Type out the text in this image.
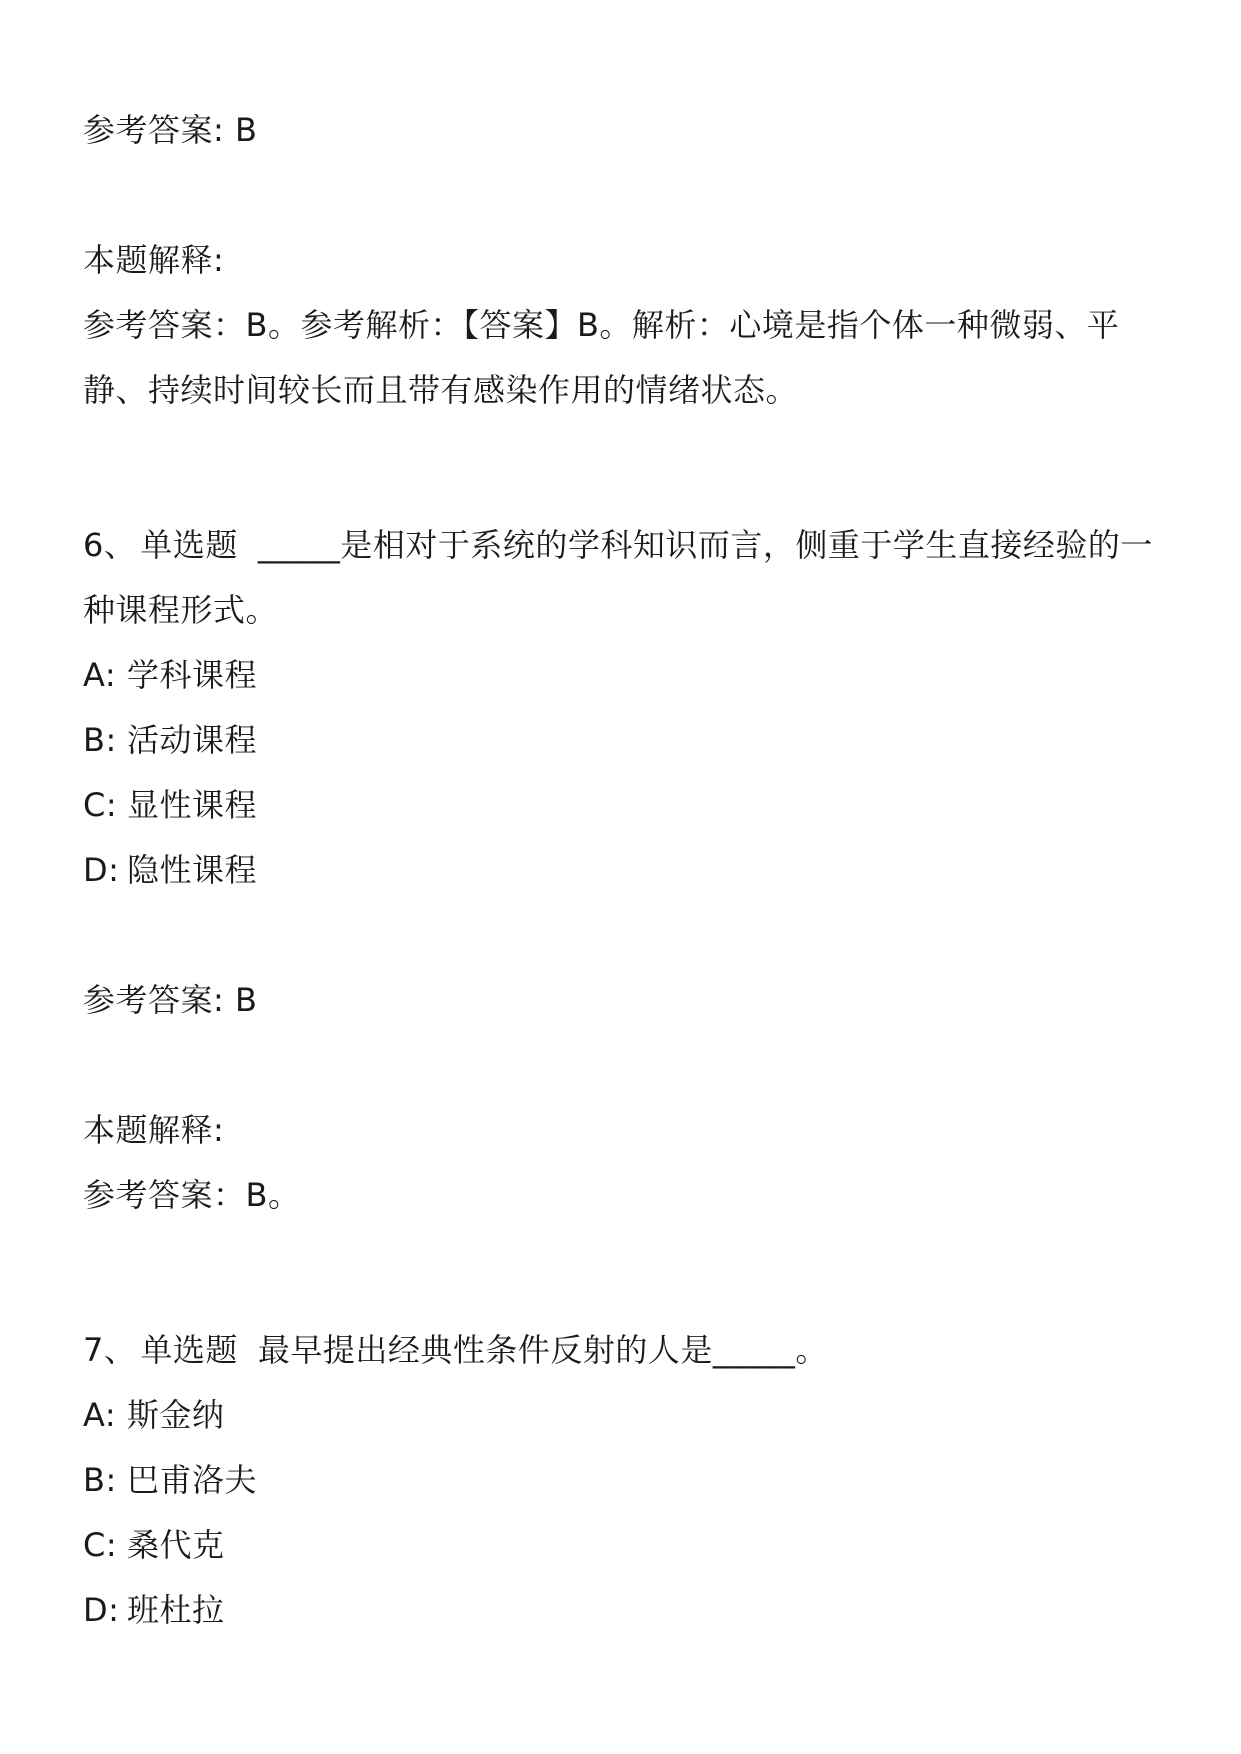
参考答案: B
本题解释:
参考答案：B。参考解析：【答案】B。解析：心境是指个体一种微弱、平
静、持续时间较长而且带有感染作用的情绪状态。
6、 单选题 _____是相对于系统的学科知识而言，侧重于学生直接经验的一
种课程形式。
A: 学科课程
B: 活动课程
C: 显性课程
D: 隐性课程
参考答案: B
本题解释:
参考答案：B。
7、 单选题 最早提出经典性条件反射的人是_____。
A: 斯金纳
B: 巴甫洛夫
C: 桑代克
D: 班杜拉
